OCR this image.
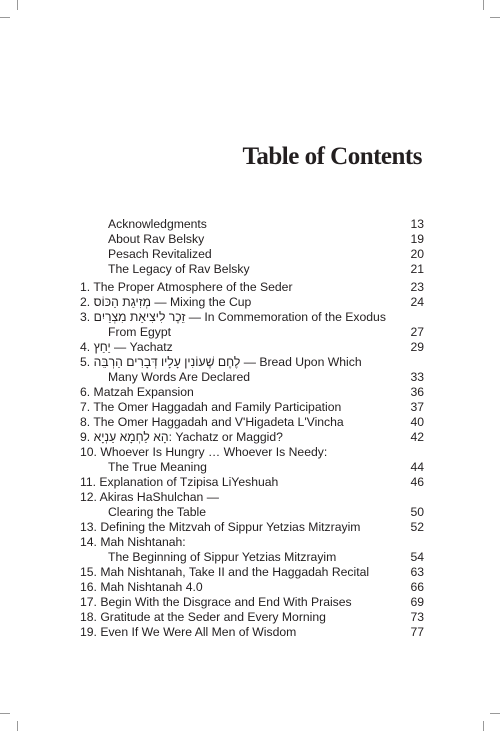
Table of Contents
Acknowledgments	13
About Rav Belsky	19
Pesach Revitalized	20
The Legacy of Rav Belsky	21
1. The Proper Atmosphere of the Seder	23
2. מְזִיגַת הַכּוֹס — Mixing the Cup	24
3. זֵכֶר לִיצִיאַת מִצְרַיִם — In Commemoration of the Exodus
From Egypt	27
4. יַחַץ — Yachatz	29
5. לֶחֶם שֶׁעוֹנִין עָלָיו דְּבָרִים הַרְבֵּה — Bread Upon Which
Many Words Are Declared	33
6. Matzah Expansion	36
7. The Omer Haggadah and Family Participation	37
8. The Omer Haggadah and V'Higadeta L'Vincha	40
9. הָא לַחְמָא עַנְיָא: Yachatz or Maggid?	42
10. Whoever Is Hungry … Whoever Is Needy:
The True Meaning	44
11. Explanation of Tzipisa LiYeshuah	46
12. Akiras HaShulchan —
Clearing the Table	50
13. Defining the Mitzvah of Sippur Yetzias Mitzrayim	52
14. Mah Nishtanah:
The Beginning of Sippur Yetzias Mitzrayim	54
15. Mah Nishtanah, Take II and the Haggadah Recital	63
16. Mah Nishtanah 4.0	66
17. Begin With the Disgrace and End With Praises	69
18. Gratitude at the Seder and Every Morning	73
19. Even If We Were All Men of Wisdom	77
